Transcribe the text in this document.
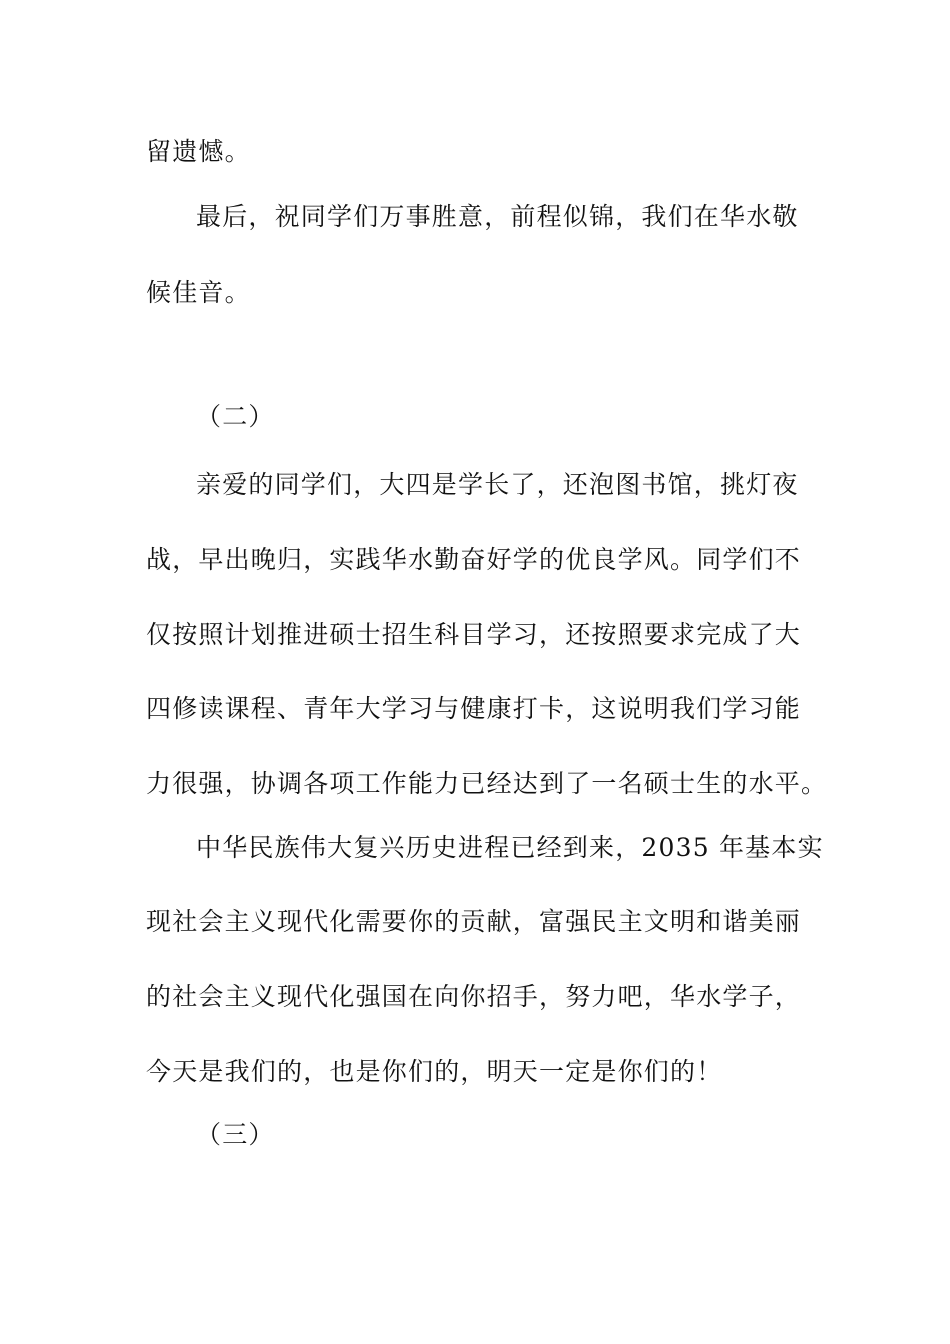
留遗憾。
最后，祝同学们万事胜意，前程似锦，我们在华水敬
候佳音。
（二）
亲爱的同学们，大四是学长了，还泡图书馆，挑灯夜
战，早出晚归，实践华水勤奋好学的优良学风。同学们不
仅按照计划推进硕士招生科目学习，还按照要求完成了大
四修读课程、青年大学习与健康打卡，这说明我们学习能
力很强，协调各项工作能力已经达到了一名硕士生的水平。
中华民族伟大复兴历史进程已经到来，2035 年基本实
现社会主义现代化需要你的贡献，富强民主文明和谐美丽
的社会主义现代化强国在向你招手，努力吧，华水学子，
今天是我们的，也是你们的，明天一定是你们的！
（三）
